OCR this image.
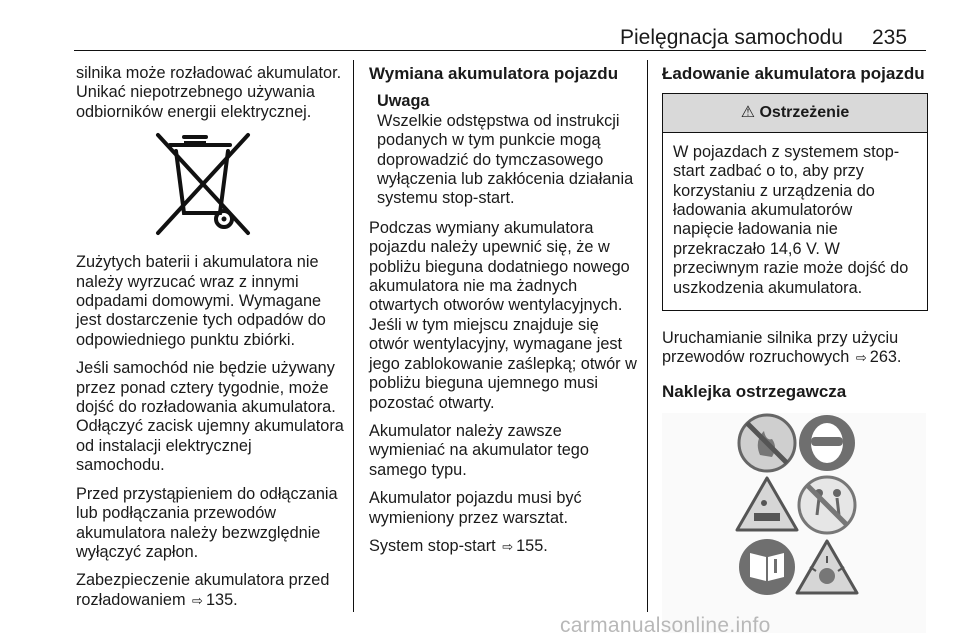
Pielęgnacja samochodu 235

silnika może rozładować akumulator. Unikać niepotrzebnego używania odbiorników energii elektrycznej.

Zużytych baterii i akumulatora nie należy wyrzucać wraz z innymi odpadami domowymi. Wymagane jest dostarczenie tych odpadów do odpowiedniego punktu zbiórki.

Jeśli samochód nie będzie używany przez ponad cztery tygodnie, może dojść do rozładowania akumulatora. Odłączyć zacisk ujemny akumulatora od instalacji elektrycznej samochodu.

Przed przystąpieniem do odłączania lub podłączania przewodów akumulatora należy bezwzględnie wyłączyć zapłon.

Zabezpieczenie akumulatora przed rozładowaniem ⇨ 135.

Wymiana akumulatora pojazdu
Uwaga
Wszelkie odstępstwa od instrukcji podanych w tym punkcie mogą doprowadzić do tymczasowego wyłączenia lub zakłócenia działania systemu stop-start.

Podczas wymiany akumulatora pojazdu należy upewnić się, że w pobliżu bieguna dodatniego nowego akumulatora nie ma żadnych otwartych otworów wentylacyjnych. Jeśli w tym miejscu znajduje się otwór wentylacyjny, wymagane jest jego zablokowanie zaślepką; otwór w pobliżu bieguna ujemnego musi pozostać otwarty.

Akumulator należy zawsze wymieniać na akumulator tego samego typu.

Akumulator pojazdu musi być wymieniony przez warsztat.

System stop-start ⇨ 155.

Ładowanie akumulatora pojazdu
⚠ Ostrzeżenie
W pojazdach z systemem stop-start zadbać o to, aby przy korzystaniu z urządzenia do ładowania akumulatorów napięcie ładowania nie przekraczało 14,6 V. W przeciwnym razie może dojść do uszkodzenia akumulatora.

Uruchamianie silnika przy użyciu przewodów rozruchowych ⇨ 263.

Naklejka ostrzegawcza
carmanualsonline.info
